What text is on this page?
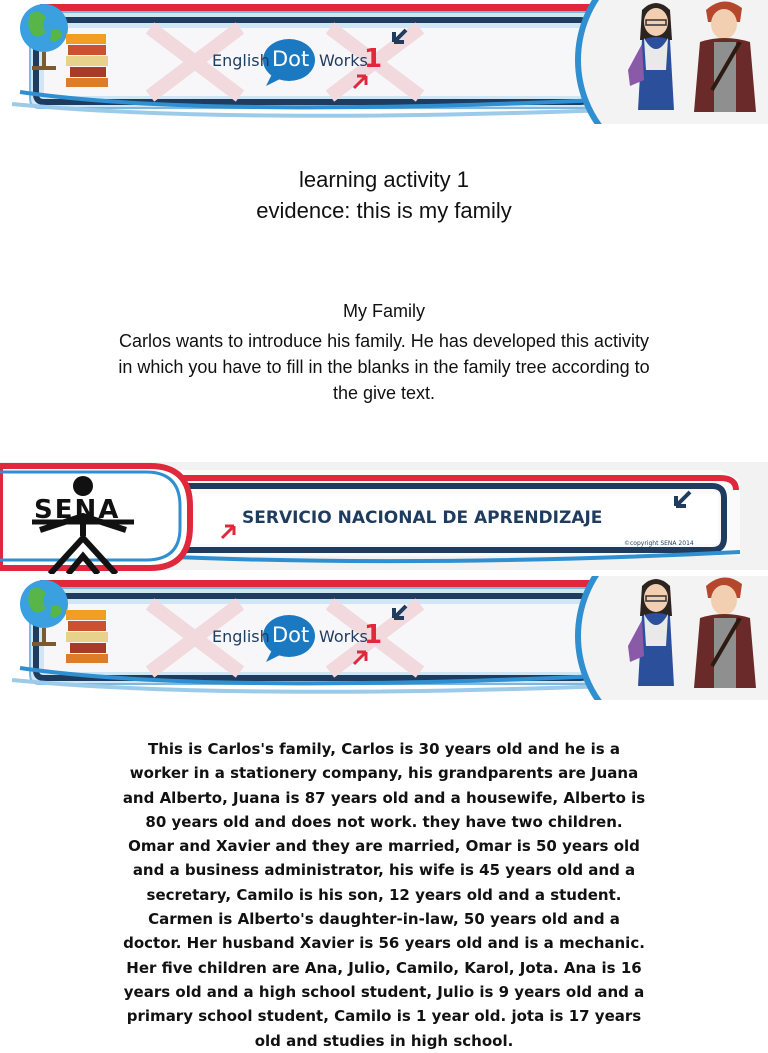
English Dot Works
1
learning activity 1
evidence: this is my family
My Family
Carlos wants to introduce his family. He has developed this activity in which you have to fill in the blanks in the family tree according to the give text.
SENA	SERVICIO NACIONAL DE APRENDIZAJE
©copyright SENA 2014
English Dot Works
1
This is Carlos's family, Carlos is 30 years old and he is a worker in a stationery company, his grandparents are Juana and Alberto, Juana is 87 years old and a housewife, Alberto is 80 years old and does not work. they have two children. Omar and Xavier and they are married, Omar is 50 years old and a business administrator, his wife is 45 years old and a secretary, Camilo is his son, 12 years old and a student. Carmen is Alberto's daughter-in-law, 50 years old and a doctor. Her husband Xavier is 56 years old and is a mechanic. Her five children are Ana, Julio, Camilo, Karol, Jota. Ana is 16 years old and a high school student, Julio is 9 years old and a primary school student, Camilo is 1 year old. jota is 17 years old and studies in high school.
